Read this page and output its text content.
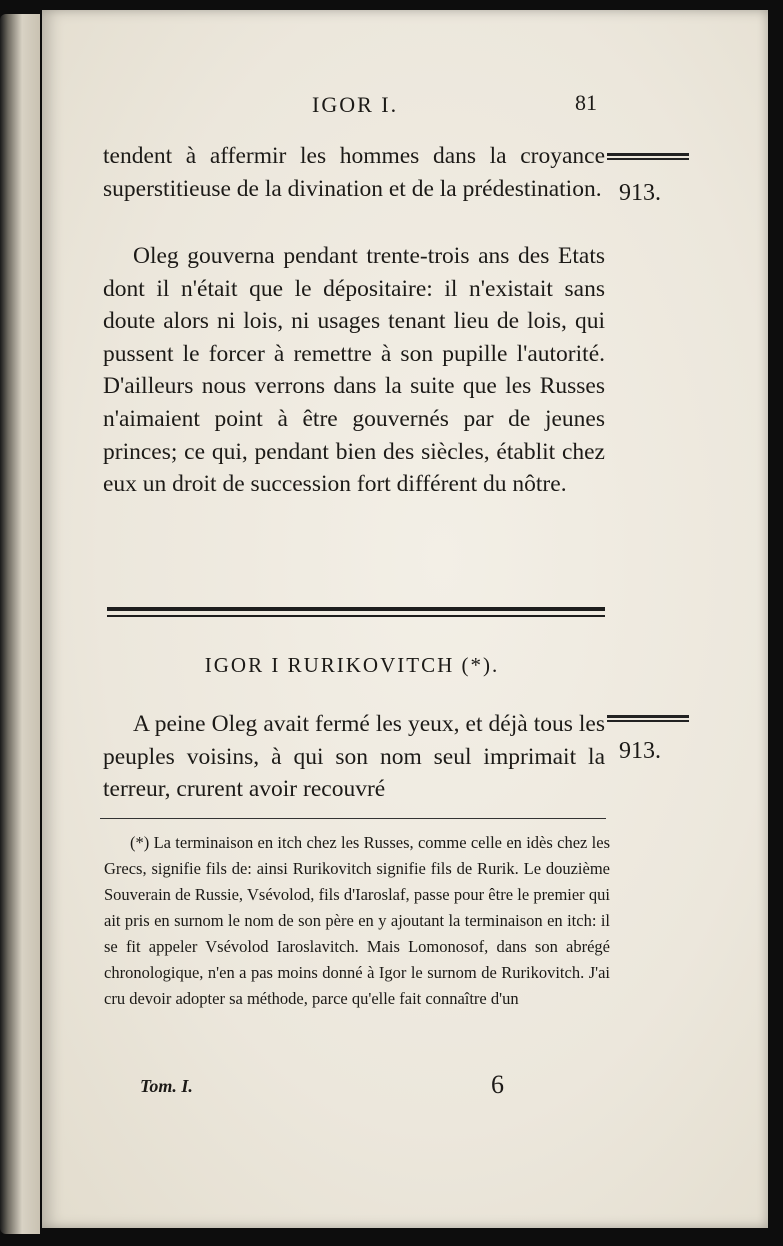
IGOR I.	81

tendent à affermir les hommes dans la croyance superstitieuse de la divination et de la prédestination. 913.

Oleg gouverna pendant trente-trois ans des Etats dont il n'était que le dépositaire: il n'existait sans doute alors ni lois, ni usages tenant lieu de lois, qui pussent le forcer à remettre à son pupille l'autorité. D'ailleurs nous verrons dans la suite que les Russes n'aimaient point à être gouvernés par de jeunes princes; ce qui, pendant bien des siècles, établit chez eux un droit de succession fort différent du nôtre.

IGOR I RURIKOVITCH (*).

A peine Oleg avait fermé les yeux, et déjà tous les peuples voisins, à qui son nom seul imprimait la terreur, crurent avoir recouvré

913.

(*) La terminaison en itch chez les Russes, comme celle en idès chez les Grecs, signifie fils de: ainsi Rurikovitch signifie fils de Rurik. Le douzième Souverain de Russie, Vsévolod, fils d'Iaroslaf, passe pour être le premier qui ait pris en surnom le nom de son père en y ajoutant la terminaison en itch: il se fit appeler Vsévolod Iaroslavitch. Mais Lomonosof, dans son abrégé chronologique, n'en a pas moins donné à Igor le surnom de Rurikovitch. J'ai cru devoir adopter sa méthode, parce qu'elle fait connaître d'un

Tom. I.	6
